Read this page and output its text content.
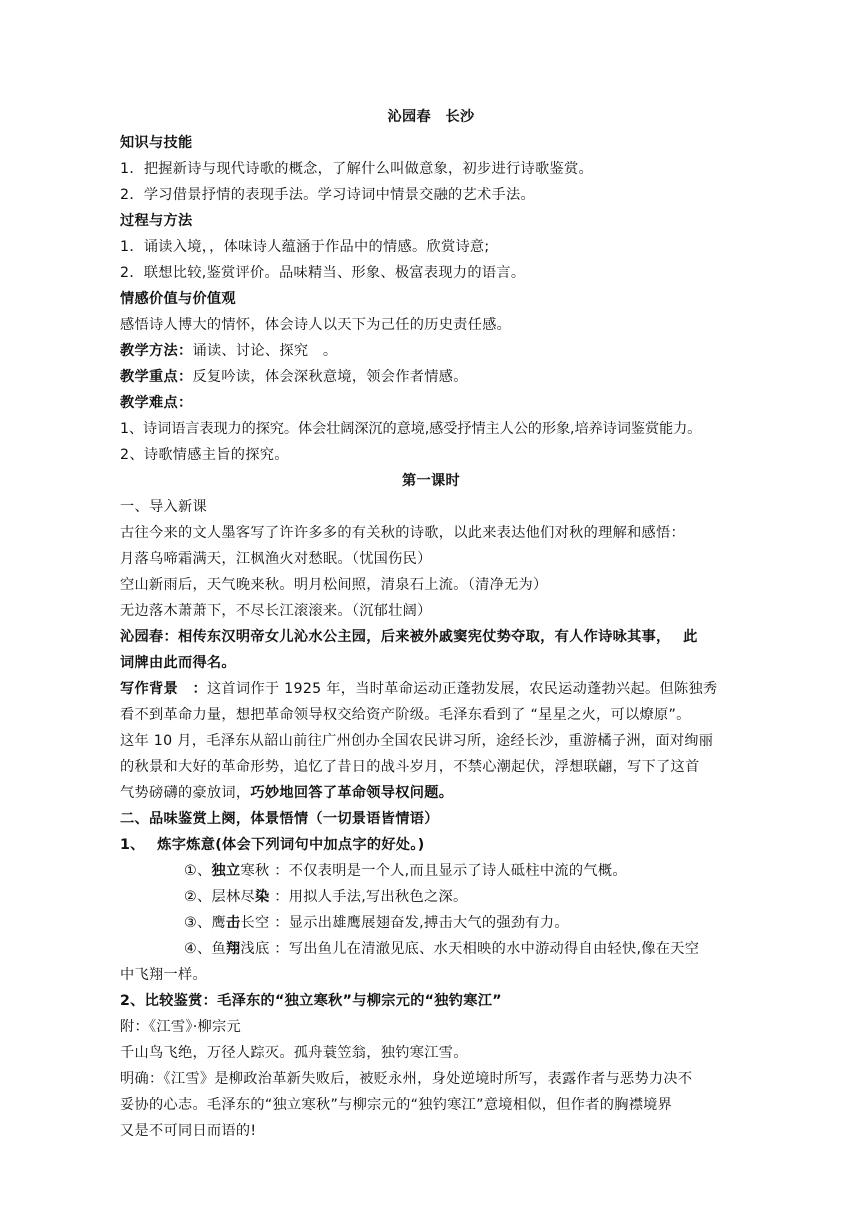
沁园春　长沙
知识与技能
1．把握新诗与现代诗歌的概念，了解什么叫做意象，初步进行诗歌鉴赏。
2．学习借景抒情的表现手法。学习诗词中情景交融的艺术手法。
过程与方法
1．诵读入境，，体味诗人蕴涵于作品中的情感。欣赏诗意;
2．联想比较,鉴赏评价。品味精当、形象、极富表现力的语言。
情感价值与价值观
感悟诗人博大的情怀，体会诗人以天下为己任的历史责任感。
教学方法：诵读、讨论、探究　。
教学重点：反复吟读，体会深秋意境，领会作者情感。
教学难点：
1、诗词语言表现力的探究。体会壮阔深沉的意境,感受抒情主人公的形象,培养诗词鉴赏能力。
2、诗歌情感主旨的探究。
第一课时
一、导入新课
古往今来的文人墨客写了许许多多的有关秋的诗歌，以此来表达他们对秋的理解和感悟：
月落乌啼霜满天，江枫渔火对愁眠。（忧国伤民）
空山新雨后，天气晚来秋。明月松间照，清泉石上流。（清净无为）
无边落木萧萧下，不尽长江滚滚来。（沉郁壮阔）
沁园春：相传东汉明帝女儿沁水公主园，后来被外戚窦宪仗势夺取，有人作诗咏其事，　 此
词牌由此而得名。
写作背景　：这首词作于 1925 年，当时革命运动正蓬勃发展，农民运动蓬勃兴起。但陈独秀
看不到革命力量，想把革命领导权交给资产阶级。毛泽东看到了 “星星之火，可以燎原”。
这年 10 月，毛泽东从韶山前往广州创办全国农民讲习所，途经长沙，重游橘子洲，面对绚丽
的秋景和大好的革命形势，追忆了昔日的战斗岁月，不禁心潮起伏，浮想联翩，写下了这首
气势磅礴的豪放词，巧妙地回答了革命领导权问题。
二、品味鉴赏上阕，体景悟情（一切景语皆情语）
1、　 炼字炼意(体会下列词句中加点字的好处。)
①、独立寒秋 ：不仅表明是一个人,而且显示了诗人砥柱中流的气概。
②、层林尽染 ：用拟人手法,写出秋色之深。
③、鹰击长空 ：显示出雄鹰展翅奋发,搏击大气的强劲有力。
④、鱼翔浅底 ：写出鱼儿在清澈见底、水天相映的水中游动得自由轻快,像在天空
中飞翔一样。
2、比较鉴赏：毛泽东的“独立寒秋”与柳宗元的“独钓寒江”
附：《江雪》·柳宗元
千山鸟飞绝，万径人踪灭。孤舟蓑笠翁，独钓寒江雪。
明确：《江雪》是柳政治革新失败后，被贬永州，身处逆境时所写，表露作者与恶势力决不
妥协的心志。毛泽东的“独立寒秋”与柳宗元的“独钓寒江”意境相似，但作者的胸襟境界
又是不可同日而语的!
